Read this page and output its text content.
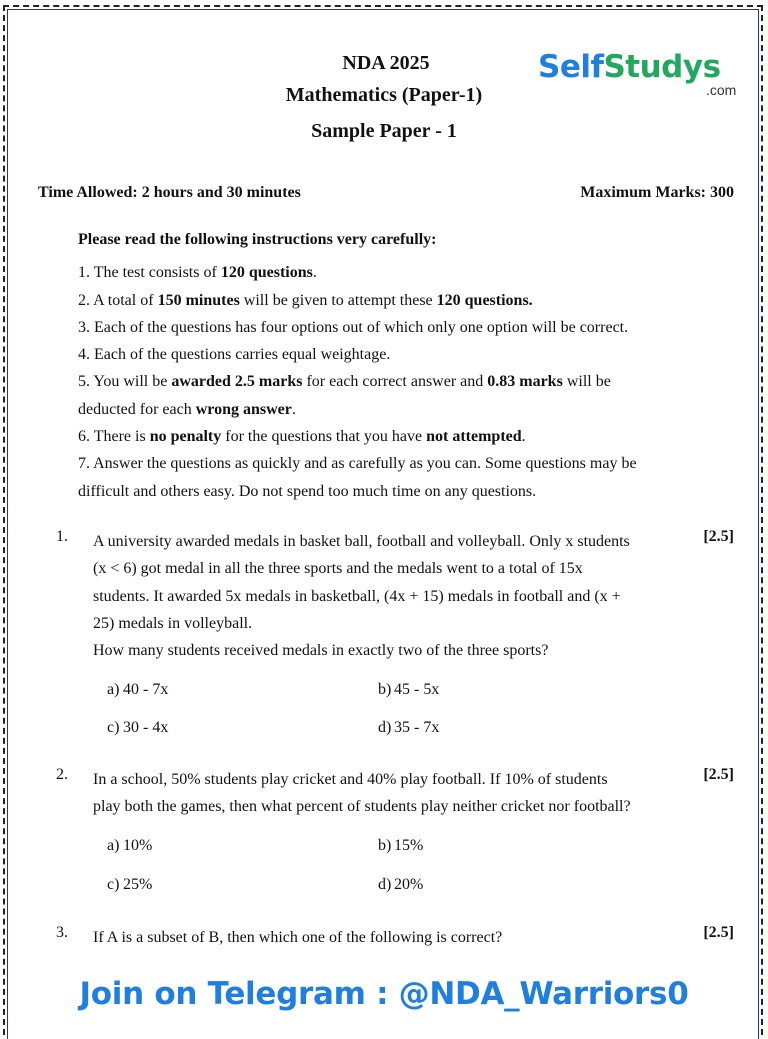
NDA 2025
Mathematics (Paper-1)
Sample Paper - 1
SelfStudys
.com
Time Allowed: 2 hours and 30 minutes	Maximum Marks: 300

Please read the following instructions very carefully:

1. The test consists of 120 questions.

2. A total of 150 minutes will be given to attempt these 120 questions.

3. Each of the questions has four options out of which only one option will be correct.

4. Each of the questions carries equal weightage.

5. You will be awarded 2.5 marks for each correct answer and 0.83 marks will be

deducted for each wrong answer.

6. There is no penalty for the questions that you have not attempted.

7. Answer the questions as quickly and as carefully as you can. Some questions may be

difficult and others easy. Do not spend too much time on any questions.

1.	[2.5]
A university awarded medals in basket ball, football and volleyball. Only x students
(x < 6) got medal in all the three sports and the medals went to a total of 15x
students. It awarded 5x medals in basketball, (4x + 15) medals in football and (x +
25) medals in volleyball.
How many students received medals in exactly two of the three sports?
a) 40 - 7x	b) 45 - 5x
c) 30 - 4x	d) 35 - 7x
2.	[2.5]
In a school, 50% students play cricket and 40% play football. If 10% of students
play both the games, then what percent of students play neither cricket nor football?
a) 10%	b) 15%
c) 25%	d) 20%
3.	[2.5]
If A is a subset of B, then which one of the following is correct?
Join on Telegram : @NDA_Warriors0
